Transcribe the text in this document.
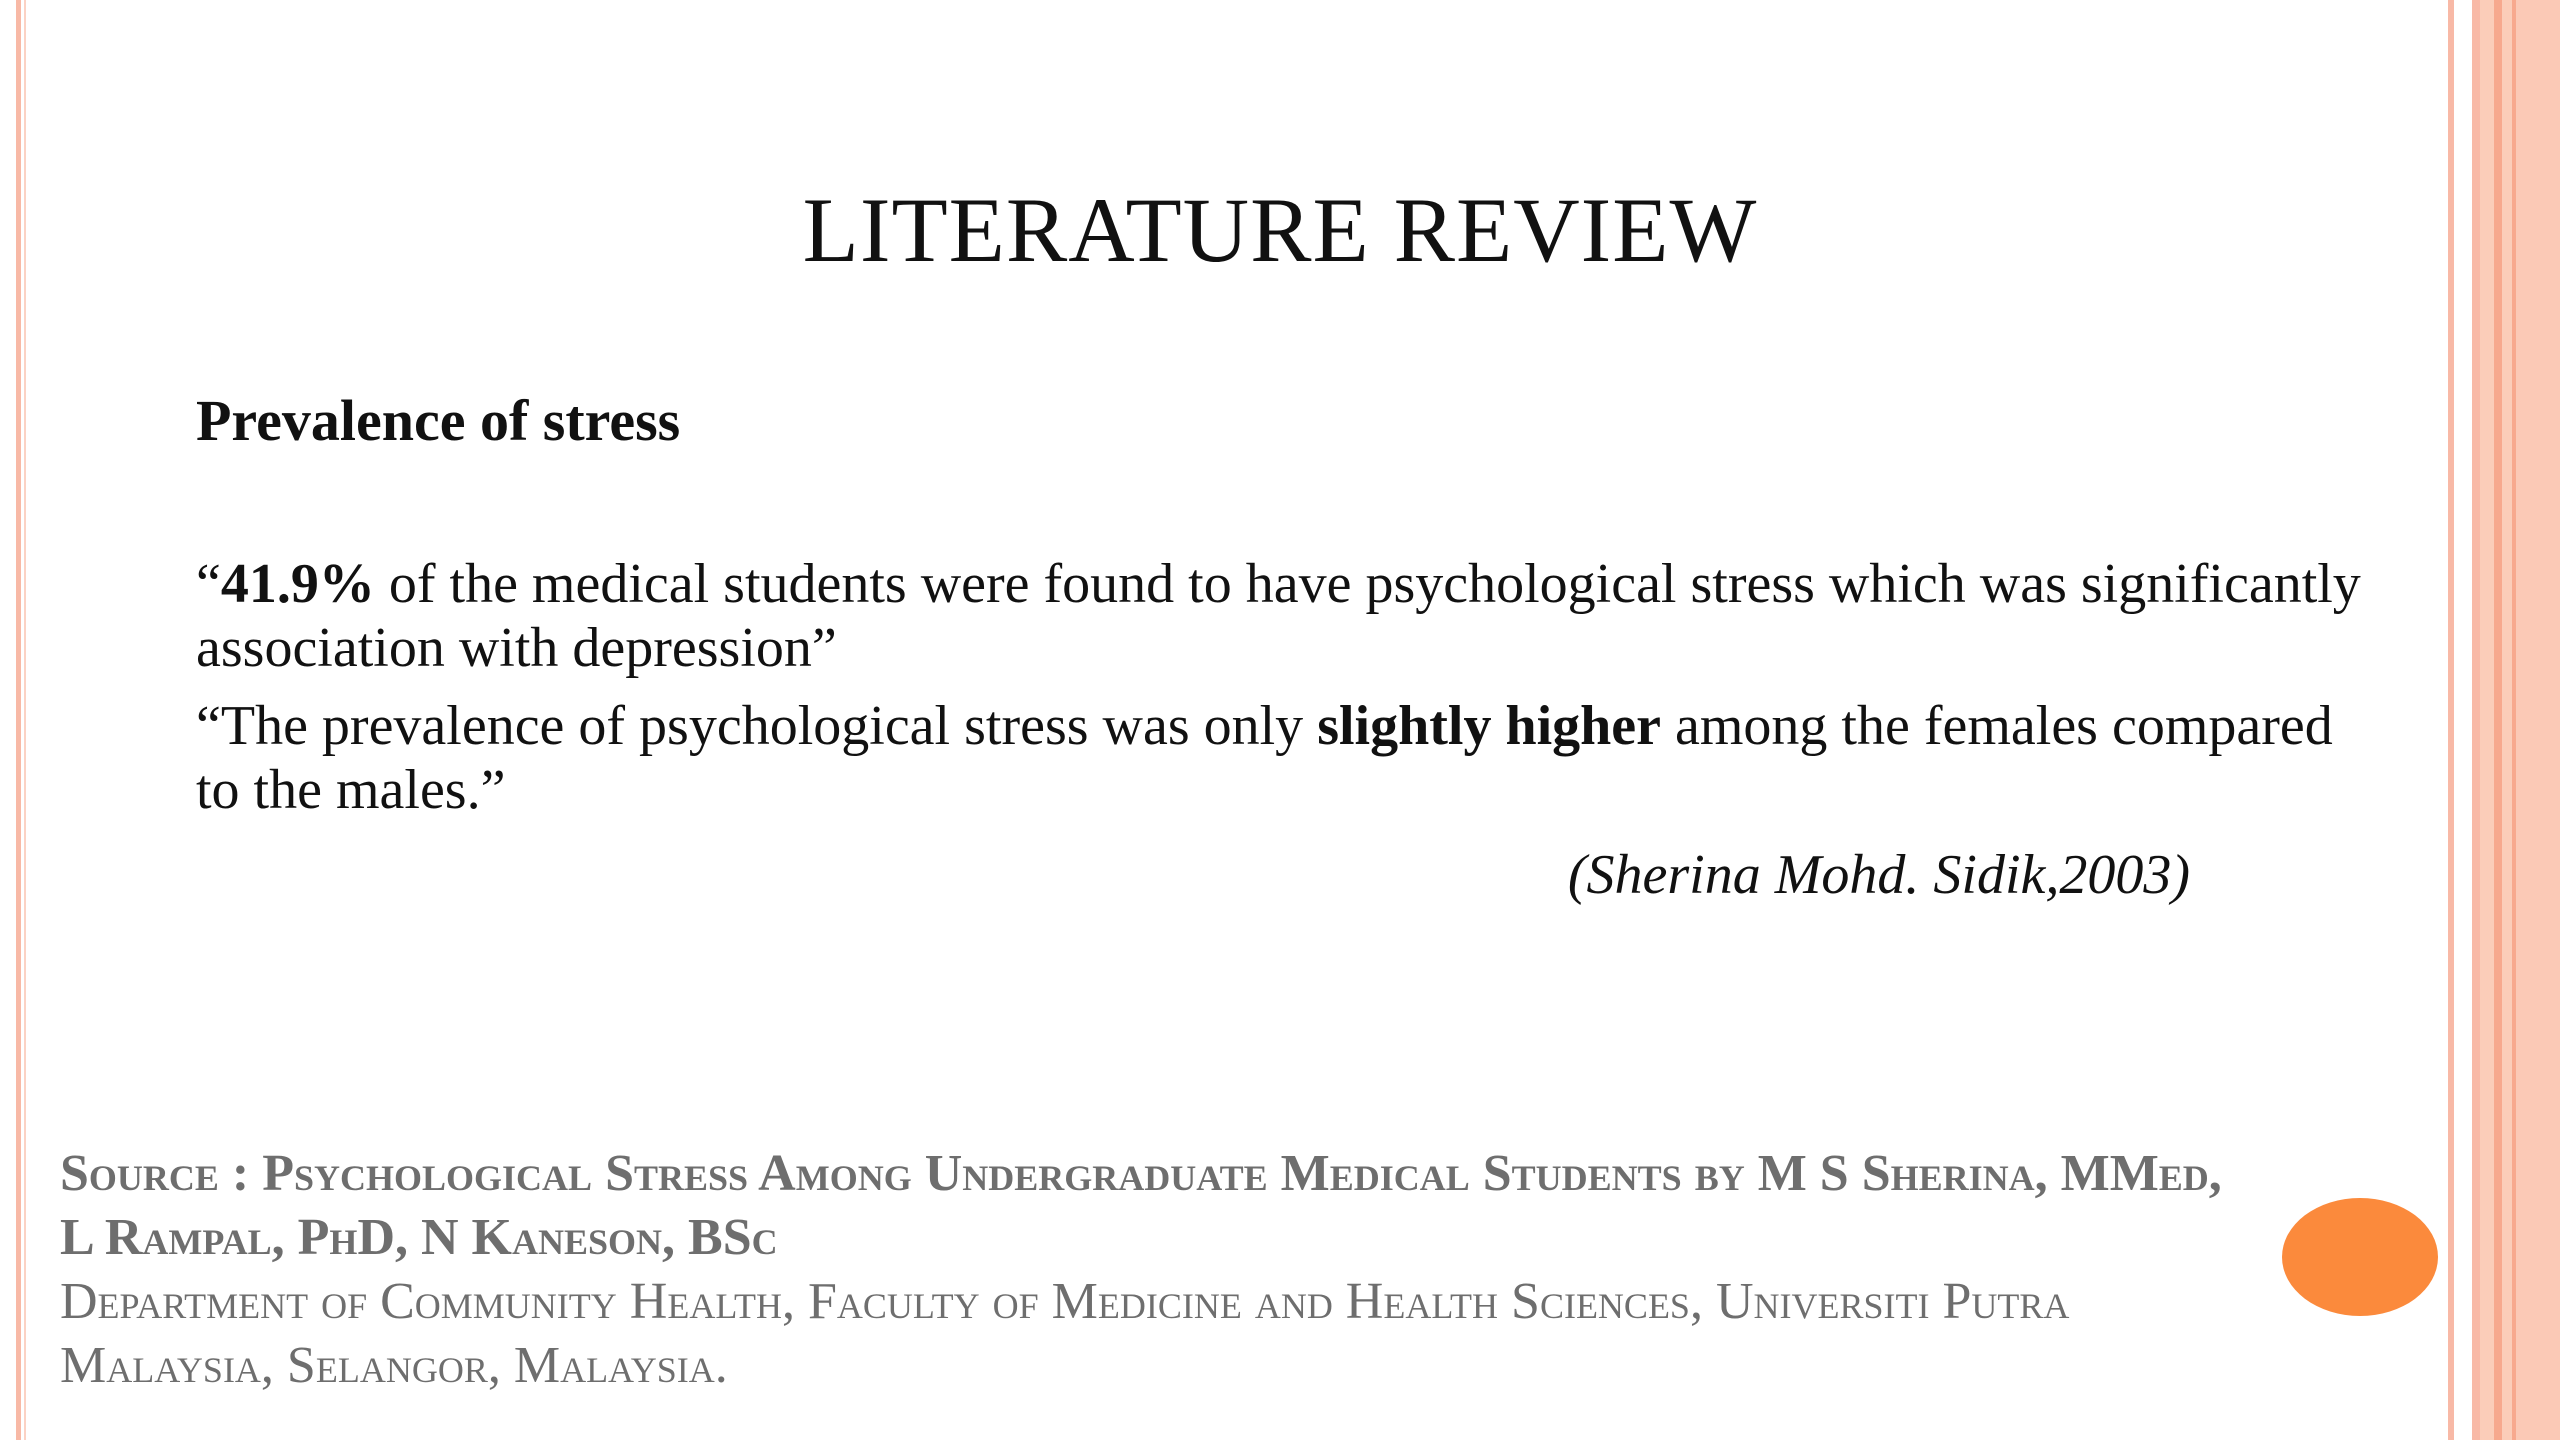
LITERATURE REVIEW
Prevalence of stress
“41.9% of the medical students were found to have psychological stress which was significantly association with depression”
“The prevalence of psychological stress was only slightly higher among the females compared to the males.”
(Sherina Mohd. Sidik,2003)
Source : Psychological Stress Among Undergraduate Medical Students by M S Sherina, MMed, L Rampal, PhD, N Kaneson, BSc
Department of Community Health, Faculty of Medicine and Health Sciences, Universiti Putra Malaysia, Selangor, Malaysia.
